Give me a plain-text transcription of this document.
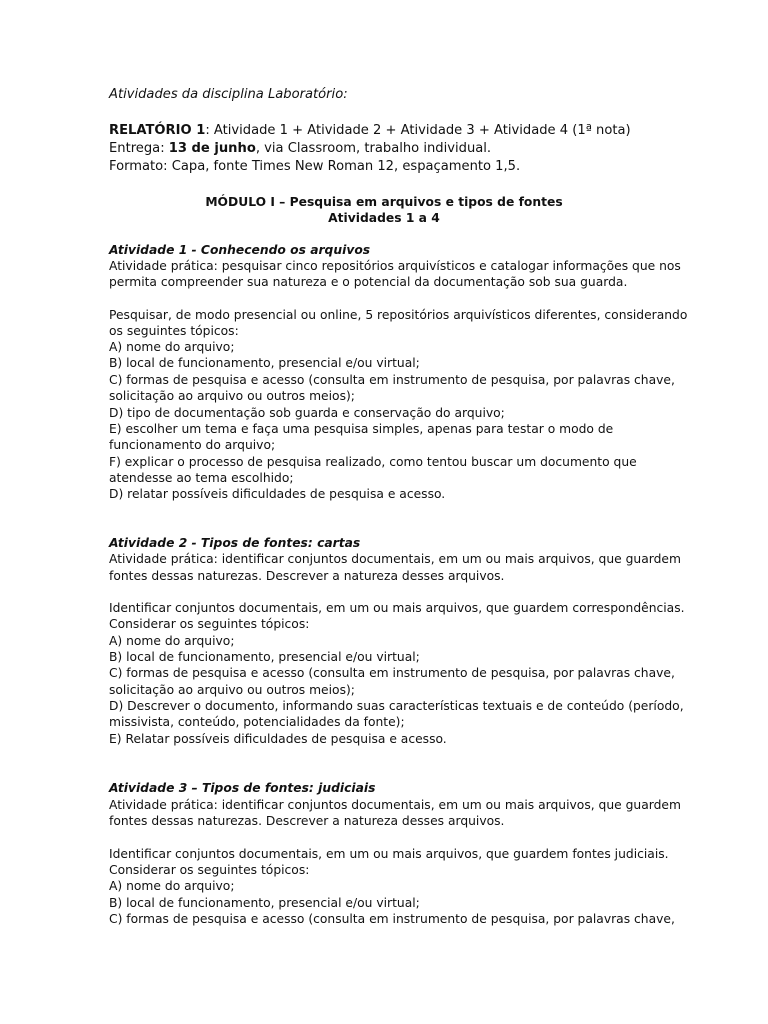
Atividades da disciplina Laboratório:
RELATÓRIO 1: Atividade 1 + Atividade 2 + Atividade 3 + Atividade 4 (1ª nota)
Entrega: 13 de junho, via Classroom, trabalho individual.
Formato: Capa, fonte Times New Roman 12, espaçamento 1,5.
MÓDULO I – Pesquisa em arquivos e tipos de fontes
Atividades 1 a 4
Atividade 1 - Conhecendo os arquivos
Atividade prática: pesquisar cinco repositórios arquivísticos e catalogar informações que nos
permita compreender sua natureza e o potencial da documentação sob sua guarda.
Pesquisar, de modo presencial ou online, 5 repositórios arquivísticos diferentes, considerando
os seguintes tópicos:
A) nome do arquivo;
B) local de funcionamento, presencial e/ou virtual;
C) formas de pesquisa e acesso (consulta em instrumento de pesquisa, por palavras chave,
solicitação ao arquivo ou outros meios);
D) tipo de documentação sob guarda e conservação do arquivo;
E) escolher um tema e faça uma pesquisa simples, apenas para testar o modo de
funcionamento do arquivo;
F) explicar o processo de pesquisa realizado, como tentou buscar um documento que
atendesse ao tema escolhido;
D) relatar possíveis dificuldades de pesquisa e acesso.
Atividade 2 - Tipos de fontes: cartas
Atividade prática: identificar conjuntos documentais, em um ou mais arquivos, que guardem
fontes dessas naturezas. Descrever a natureza desses arquivos.
Identificar conjuntos documentais, em um ou mais arquivos, que guardem correspondências.
Considerar os seguintes tópicos:
A) nome do arquivo;
B) local de funcionamento, presencial e/ou virtual;
C) formas de pesquisa e acesso (consulta em instrumento de pesquisa, por palavras chave,
solicitação ao arquivo ou outros meios);
D) Descrever o documento, informando suas características textuais e de conteúdo (período,
missivista, conteúdo, potencialidades da fonte);
E) Relatar possíveis dificuldades de pesquisa e acesso.
Atividade 3 – Tipos de fontes: judiciais
Atividade prática: identificar conjuntos documentais, em um ou mais arquivos, que guardem
fontes dessas naturezas. Descrever a natureza desses arquivos.
Identificar conjuntos documentais, em um ou mais arquivos, que guardem fontes judiciais.
Considerar os seguintes tópicos:
A) nome do arquivo;
B) local de funcionamento, presencial e/ou virtual;
C) formas de pesquisa e acesso (consulta em instrumento de pesquisa, por palavras chave,
